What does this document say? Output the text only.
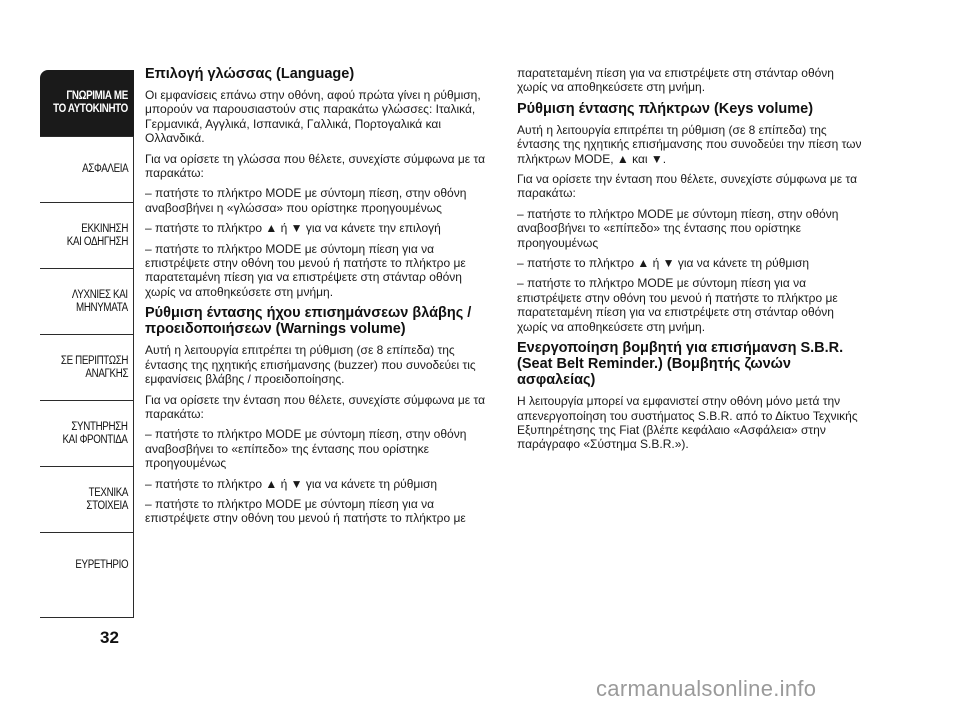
ΓΝΩΡΙΜΙΑ ΜΕ
ΤΟ ΑΥΤΟΚΙΝΗΤΟ
ΑΣΦΑΛΕΙΑ
ΕΚΚΙΝΗΣΗ
ΚΑΙ ΟΔΗΓΗΣΗ
ΛΥΧΝΙΕΣ ΚΑΙ
ΜΗΝΥΜΑΤΑ
ΣΕ ΠΕΡΙΠΤΩΣΗ
ΑΝΑΓΚΗΣ
ΣΥΝΤΗΡΗΣΗ
ΚΑΙ ΦΡΟΝΤΙΔΑ
ΤΕΧΝΙΚΑ
ΣΤΟΙΧΕΙΑ
ΕΥΡΕΤΗΡΙΟ
32
Επιλογή γλώσσας (Language)

Οι εμφανίσεις επάνω στην οθόνη, αφού πρώτα γίνει η ρύθμιση, μπορούν να παρουσιαστούν στις παρακάτω γλώσσες: Ιταλικά, Γερμανικά, Αγγλικά, Ισπανικά, Γαλλικά, Πορτογαλικά και Ολλανδικά.

Για να ορίσετε τη γλώσσα που θέλετε, συνεχίστε σύμφωνα με τα παρακάτω:

– πατήστε το πλήκτρο MODE με σύντομη πίεση, στην οθόνη αναβοσβήνει η «γλώσσα» που ορίστηκε προηγουμένως

– πατήστε το πλήκτρο ▲ ή ▼ για να κάνετε την επιλογή

– πατήστε το πλήκτρο MODE με σύντομη πίεση για να επιστρέψετε στην οθόνη του μενού ή πατήστε το πλήκτρο με παρατεταμένη πίεση για να επιστρέψετε στη στάνταρ οθόνη χωρίς να αποθηκεύσετε στη μνήμη.

Ρύθμιση έντασης ήχου επισημάνσεων βλάβης / προειδοποιήσεων (Warnings volume)

Αυτή η λειτουργία επιτρέπει τη ρύθμιση (σε 8 επίπεδα) της έντασης της ηχητικής επισήμανσης (buzzer) που συνοδεύει τις εμφανίσεις βλάβης / προειδοποίησης.

Για να ορίσετε την ένταση που θέλετε, συνεχίστε σύμφωνα με τα παρακάτω:

– πατήστε το πλήκτρο MODE με σύντομη πίεση, στην οθόνη αναβοσβήνει το «επίπεδο» της έντασης που ορίστηκε προηγουμένως

– πατήστε το πλήκτρο ▲ ή ▼ για να κάνετε τη ρύθμιση

– πατήστε το πλήκτρο MODE με σύντομη πίεση για να επιστρέψετε στην οθόνη του μενού ή πατήστε το πλήκτρο με

παρατεταμένη πίεση για να επιστρέψετε στη στάνταρ οθόνη χωρίς να αποθηκεύσετε στη μνήμη.

Ρύθμιση έντασης πλήκτρων (Keys volume)

Αυτή η λειτουργία επιτρέπει τη ρύθμιση (σε 8 επίπεδα) της έντασης της ηχητικής επισήμανσης που συνοδεύει την πίεση των πλήκτρων MODE, ▲ και ▼.

Για να ορίσετε την ένταση που θέλετε, συνεχίστε σύμφωνα με τα παρακάτω:

– πατήστε το πλήκτρο MODE με σύντομη πίεση, στην οθόνη αναβοσβήνει το «επίπεδο» της έντασης που ορίστηκε προηγουμένως

– πατήστε το πλήκτρο ▲ ή ▼ για να κάνετε τη ρύθμιση

– πατήστε το πλήκτρο MODE με σύντομη πίεση για να επιστρέψετε στην οθόνη του μενού ή πατήστε το πλήκτρο με παρατεταμένη πίεση για να επιστρέψετε στη στάνταρ οθόνη χωρίς να αποθηκεύσετε στη μνήμη.

Ενεργοποίηση βομβητή για επισήμανση S.B.R. (Seat Belt Reminder.) (Βομβητής ζωνών ασφαλείας)

Η λειτουργία μπορεί να εμφανιστεί στην οθόνη μόνο μετά την απενεργοποίηση του συστήματος S.B.R. από το Δίκτυο Τεχνικής Εξυπηρέτησης της Fiat (βλέπε κεφάλαιο «Ασφάλεια» στην παράγραφο «Σύστημα S.B.R.»).

carmanualsonline.info
